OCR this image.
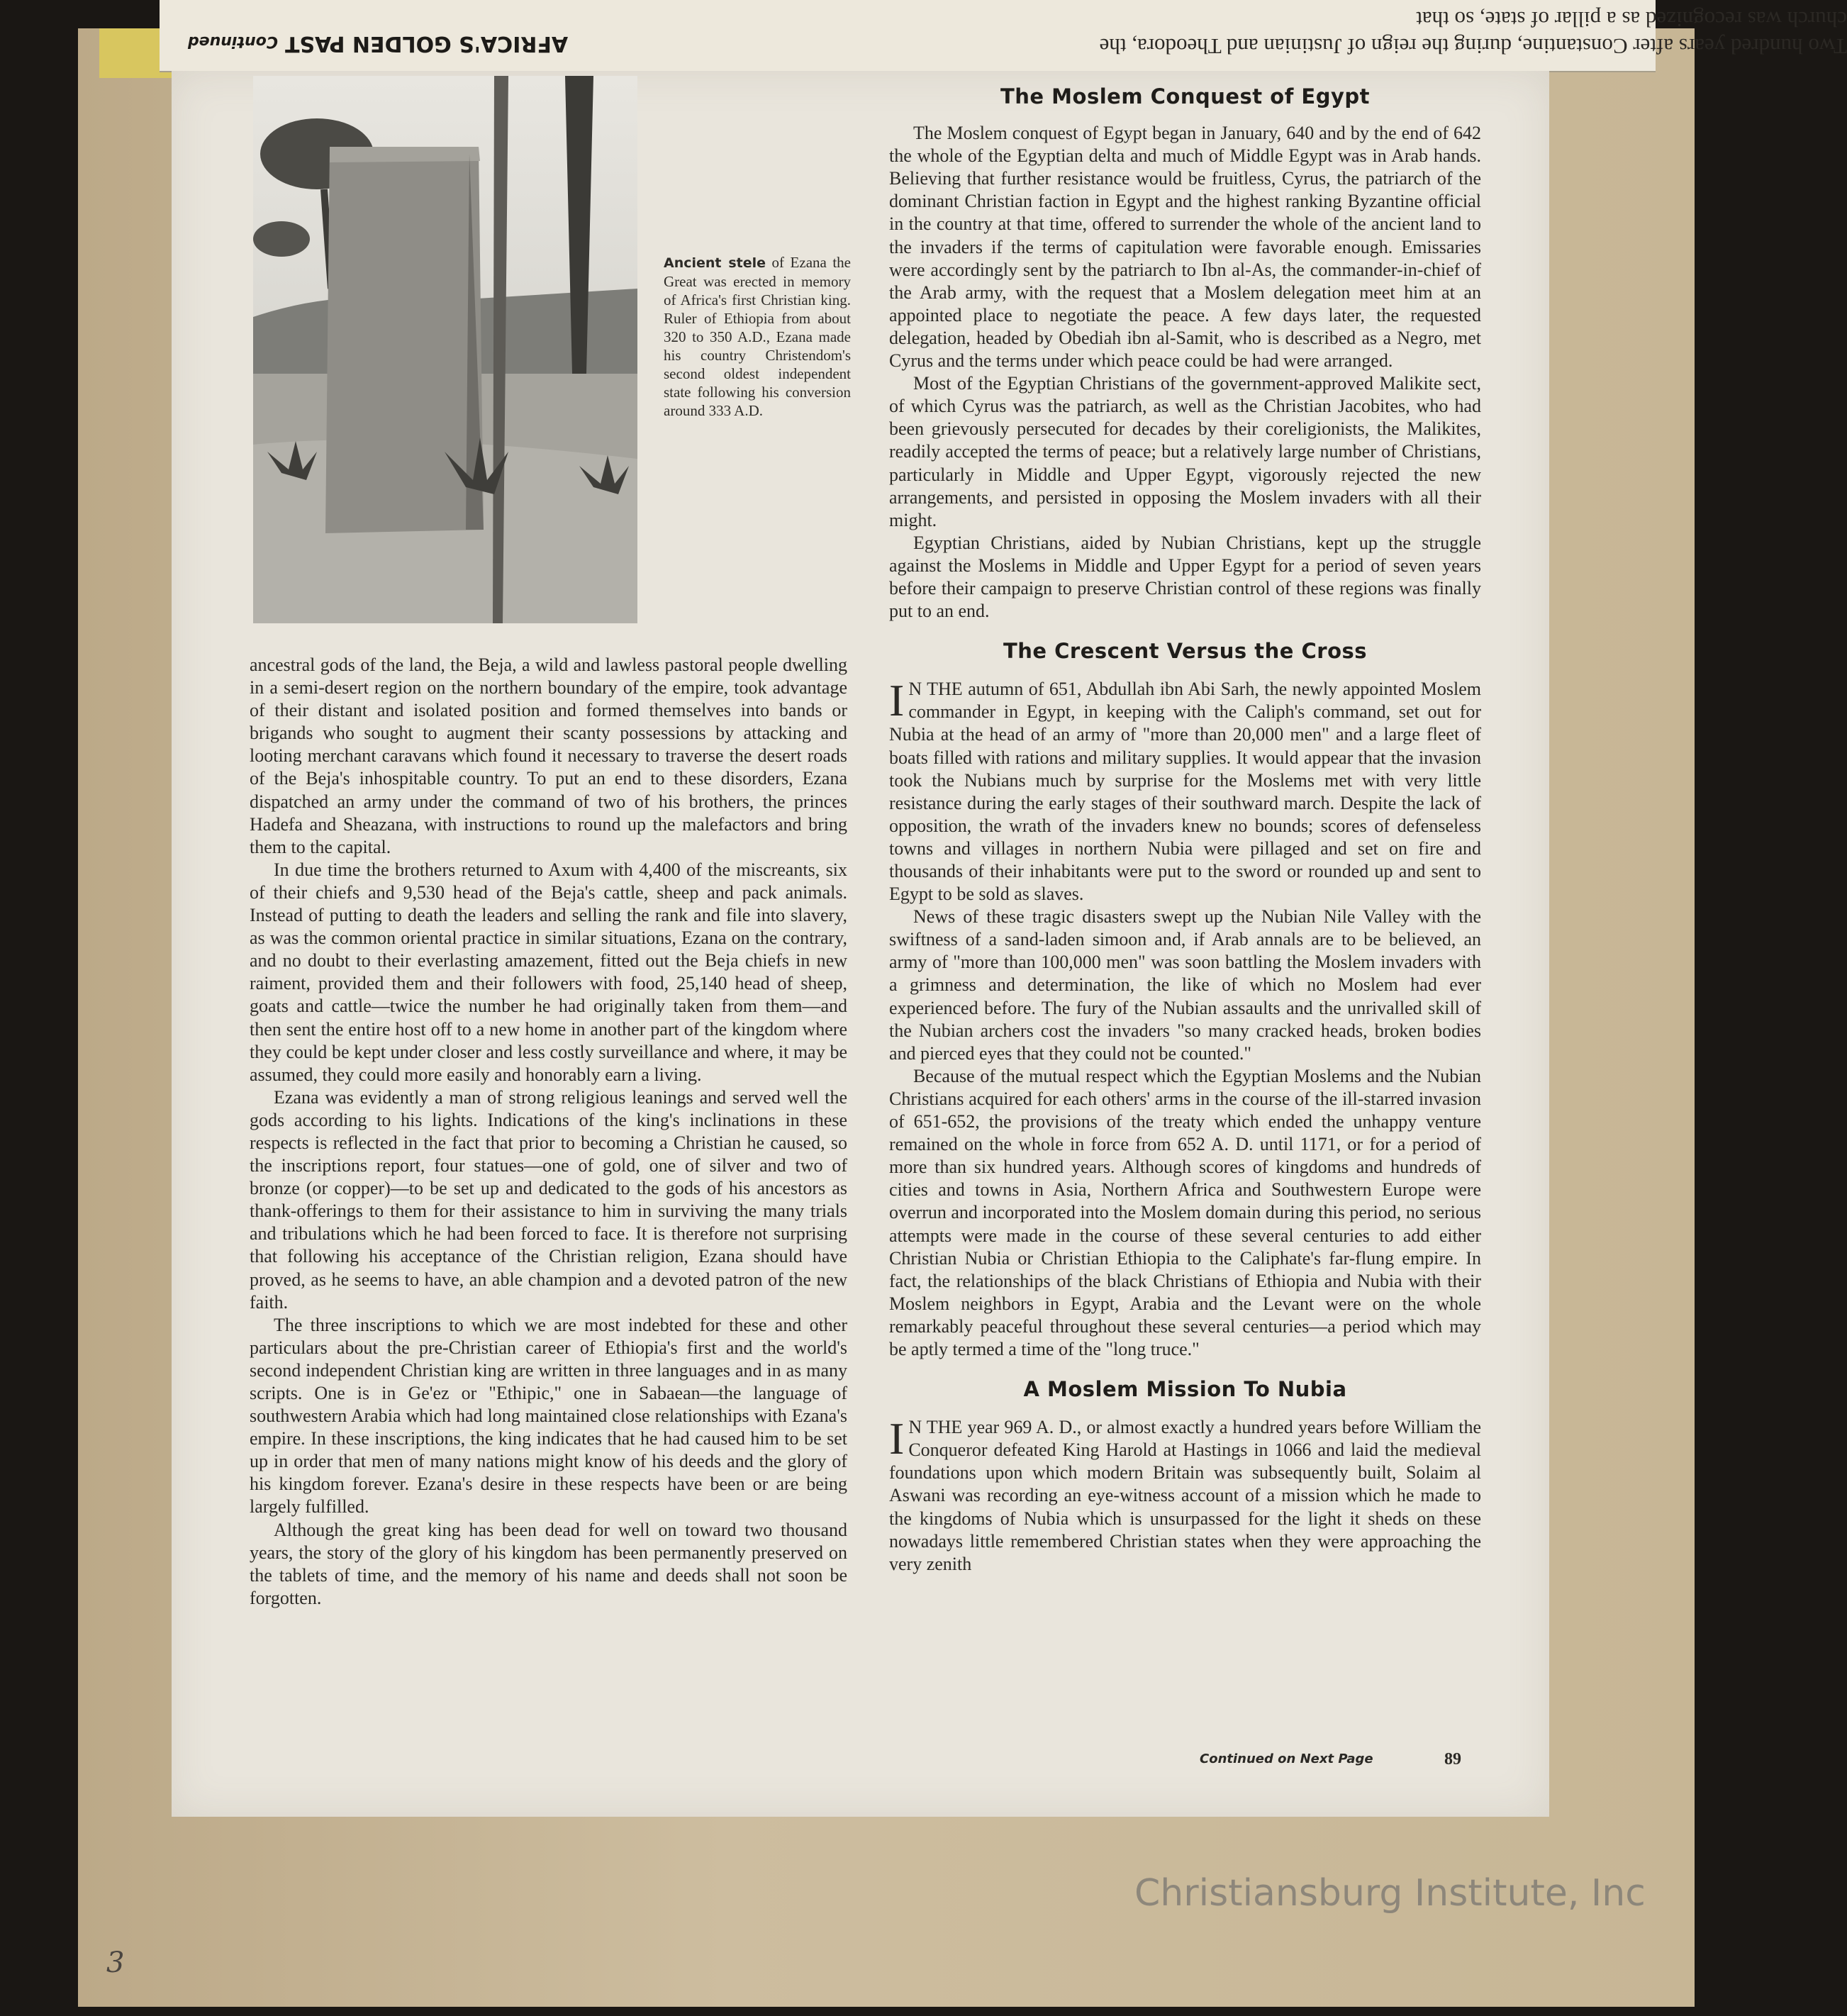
AFRICA'S GOLDEN PASTContinued	Two hundred years after Constantine, during the reign of Justinian and Theodora, the church was recognized as a pillar of state, so that
Ancient stele of Ezana the Great was erected in memory of Africa's first Christian king. Ruler of Ethiopia from about 320 to 350 A.D., Ezana made his country Christendom's second oldest independent state following his conversion around 333 A.D.

ancestral gods of the land, the Beja, a wild and lawless pastoral people dwelling in a semi-desert region on the northern boundary of the empire, took advantage of their distant and isolated position and formed themselves into bands or brigands who sought to augment their scanty possessions by attacking and looting merchant caravans which found it necessary to traverse the desert roads of the Beja's inhospitable country. To put an end to these disorders, Ezana dispatched an army under the command of two of his brothers, the princes Hadefa and Sheazana, with instructions to round up the malefactors and bring them to the capital.

In due time the brothers returned to Axum with 4,400 of the miscreants, six of their chiefs and 9,530 head of the Beja's cattle, sheep and pack animals. Instead of putting to death the leaders and selling the rank and file into slavery, as was the common oriental practice in similar situations, Ezana on the contrary, and no doubt to their everlasting amazement, fitted out the Beja chiefs in new raiment, provided them and their followers with food, 25,140 head of sheep, goats and cattle—twice the number he had originally taken from them—and then sent the entire host off to a new home in another part of the kingdom where they could be kept under closer and less costly surveillance and where, it may be assumed, they could more easily and honorably earn a living.

Ezana was evidently a man of strong religious leanings and served well the gods according to his lights. Indications of the king's inclinations in these respects is reflected in the fact that prior to becoming a Christian he caused, so the inscriptions report, four statues—one of gold, one of silver and two of bronze (or copper)—to be set up and dedicated to the gods of his ancestors as thank-offerings to them for their assistance to him in surviving the many trials and tribulations which he had been forced to face. It is therefore not surprising that following his acceptance of the Christian religion, Ezana should have proved, as he seems to have, an able champion and a devoted patron of the new faith.

The three inscriptions to which we are most indebted for these and other particulars about the pre-Christian career of Ethiopia's first and the world's second independent Christian king are written in three languages and in as many scripts. One is in Ge'ez or "Ethipic," one in Sabaean—the language of southwestern Arabia which had long maintained close relationships with Ezana's empire. In these inscriptions, the king indicates that he had caused him to be set up in order that men of many nations might know of his deeds and the glory of his kingdom forever. Ezana's desire in these respects have been or are being largely fulfilled.

Although the great king has been dead for well on toward two thousand years, the story of the glory of his kingdom has been permanently preserved on the tablets of time, and the memory of his name and deeds shall not soon be forgotten.

The Moslem Conquest of Egypt

The Moslem conquest of Egypt began in January, 640 and by the end of 642 the whole of the Egyptian delta and much of Middle Egypt was in Arab hands. Believing that further resistance would be fruitless, Cyrus, the patriarch of the dominant Christian faction in Egypt and the highest ranking Byzantine official in the country at that time, offered to surrender the whole of the ancient land to the invaders if the terms of capitulation were favorable enough. Emissaries were accordingly sent by the patriarch to Ibn al-As, the commander-in-chief of the Arab army, with the request that a Moslem delegation meet him at an appointed place to negotiate the peace. A few days later, the requested delegation, headed by Obediah ibn al-Samit, who is described as a Negro, met Cyrus and the terms under which peace could be had were arranged.

Most of the Egyptian Christians of the government-approved Malikite sect, of which Cyrus was the patriarch, as well as the Christian Jacobites, who had been grievously persecuted for decades by their coreligionists, the Malikites, readily accepted the terms of peace; but a relatively large number of Christians, particularly in Middle and Upper Egypt, vigorously rejected the new arrangements, and persisted in opposing the Moslem invaders with all their might.

Egyptian Christians, aided by Nubian Christians, kept up the struggle against the Moslems in Middle and Upper Egypt for a period of seven years before their campaign to preserve Christian control of these regions was finally put to an end.

The Crescent Versus the Cross

I N THE autumn of 651, Abdullah ibn Abi Sarh, the newly appointed Moslem commander in Egypt, in keeping with the Caliph's command, set out for Nubia at the head of an army of "more than 20,000 men" and a large fleet of boats filled with rations and military supplies. It would appear that the invasion took the Nubians much by surprise for the Moslems met with very little resistance during the early stages of their southward march. Despite the lack of opposition, the wrath of the invaders knew no bounds; scores of defenseless towns and villages in northern Nubia were pillaged and set on fire and thousands of their inhabitants were put to the sword or rounded up and sent to Egypt to be sold as slaves.

News of these tragic disasters swept up the Nubian Nile Valley with the swiftness of a sand-laden simoon and, if Arab annals are to be believed, an army of "more than 100,000 men" was soon battling the Moslem invaders with a grimness and determination, the like of which no Moslem had ever experienced before. The fury of the Nubian assaults and the unrivalled skill of the Nubian archers cost the invaders "so many cracked heads, broken bodies and pierced eyes that they could not be counted."

Because of the mutual respect which the Egyptian Moslems and the Nubian Christians acquired for each others' arms in the course of the ill-starred invasion of 651-652, the provisions of the treaty which ended the unhappy venture remained on the whole in force from 652 A. D. until 1171, or for a period of more than six hundred years. Although scores of kingdoms and hundreds of cities and towns in Asia, Northern Africa and Southwestern Europe were overrun and incorporated into the Moslem domain during this period, no serious attempts were made in the course of these several centuries to add either Christian Nubia or Christian Ethiopia to the Caliphate's far-flung empire. In fact, the relationships of the black Christians of Ethiopia and Nubia with their Moslem neighbors in Egypt, Arabia and the Levant were on the whole remarkably peaceful throughout these several centuries—a period which may be aptly termed a time of the "long truce."

A Moslem Mission To Nubia

I N THE year 969 A. D., or almost exactly a hundred years before William the Conqueror defeated King Harold at Hastings in 1066 and laid the medieval foundations upon which modern Britain was subsequently built, Solaim al Aswani was recording an eye-witness account of a mission which he made to the kingdoms of Nubia which is unsurpassed for the light it sheds on these nowadays little remembered Christian states when they were approaching the very zenith

Continued on Next Page	89
3
Christiansburg Institute, Inc
